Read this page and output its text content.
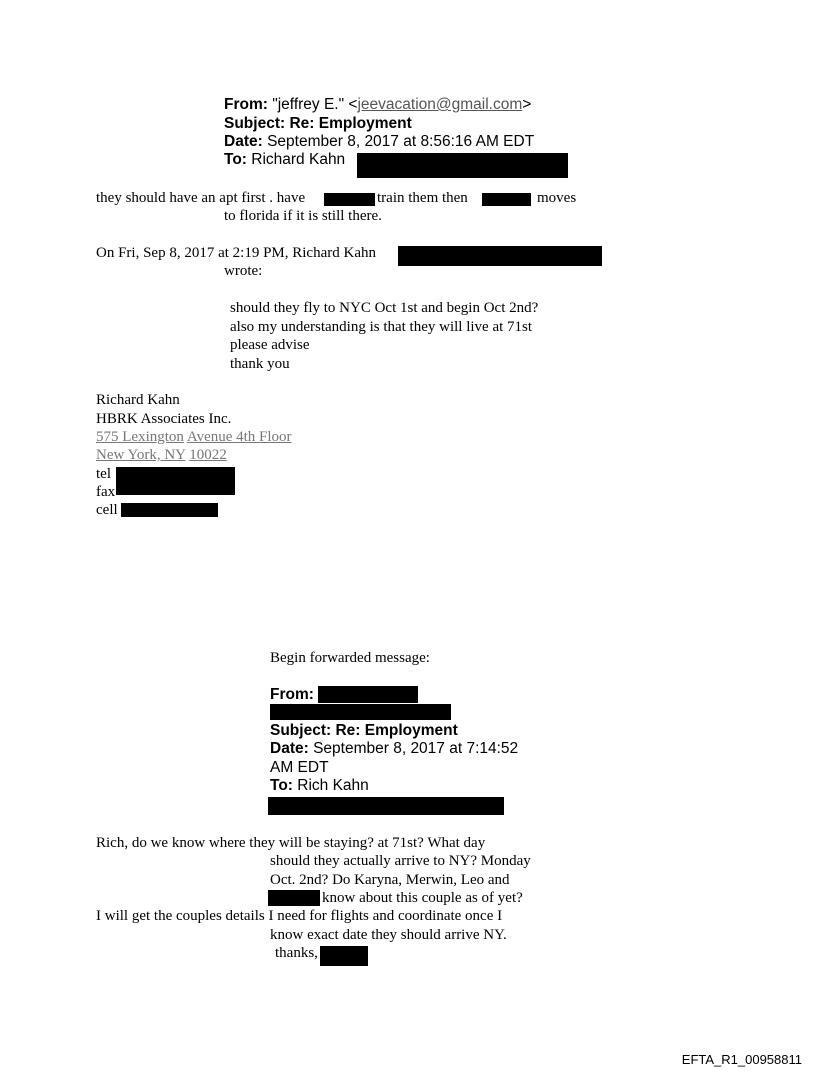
From: "jeffrey E." <jeevacation@gmail.com>
Subject: Re: Employment
Date: September 8, 2017 at 8:56:16 AM EDT
To: Richard Kahn
they should have an apt first . have	train them then	moves
to florida if it is still there.
On Fri, Sep 8, 2017 at 2:19 PM, Richard Kahn
wrote:
should they fly to NYC Oct 1st and begin Oct 2nd?
also my understanding is that they will live at 71st
please advise
thank you
Richard Kahn
HBRK Associates Inc.
575 Lexington Avenue 4th Floor
New York, NY 10022
tel
fax
cell
Begin forwarded message:
From:
Subject: Re: Employment
Date: September 8, 2017 at 7:14:52
AM EDT
To: Rich Kahn
Rich, do we know where they will be staying? at 71st? What day
should they actually arrive to NY? Monday
Oct. 2nd? Do Karyna, Merwin, Leo and
know about this couple as of yet?
I will get the couples details I need for flights and coordinate once I
know exact date they should arrive NY.
thanks,
EFTA_R1_00958811
